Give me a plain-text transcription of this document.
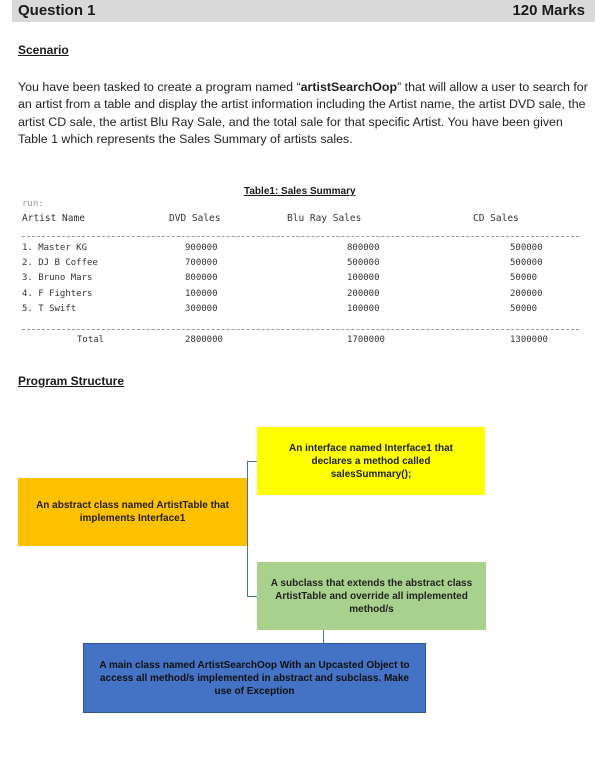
Question 1	120 Marks
Scenario
You have been tasked to create a program named “artistSearchOop” that will allow a user to search for an artist from a table and display the artist information including the Artist name, the artist DVD sale, the artist CD sale, the artist Blu Ray Sale, and the total sale for that specific Artist. You have been given Table 1 which represents the Sales Summary of artists sales.
Table1: Sales Summary
run:
Artist Name	DVD Sales	Blu Ray Sales	CD Sales
1. Master KG	900000	800000	500000
2. DJ B Coffee	700000	500000	500000
3. Bruno Mars	800000	100000	50000
4. F Fighters	100000	200000	200000
5. T Swift	300000	100000	50000
Total	2800000	1700000	1300000
Program Structure
An interface named Interface1 that declares a method called salesSummary();
An abstract class named ArtistTable that implements Interface1
A subclass that extends the abstract class ArtistTable and override all implemented method/s
A main class named ArtistSearchOop With an Upcasted Object to access all method/s implemented in abstract and subclass. Make use of Exception
